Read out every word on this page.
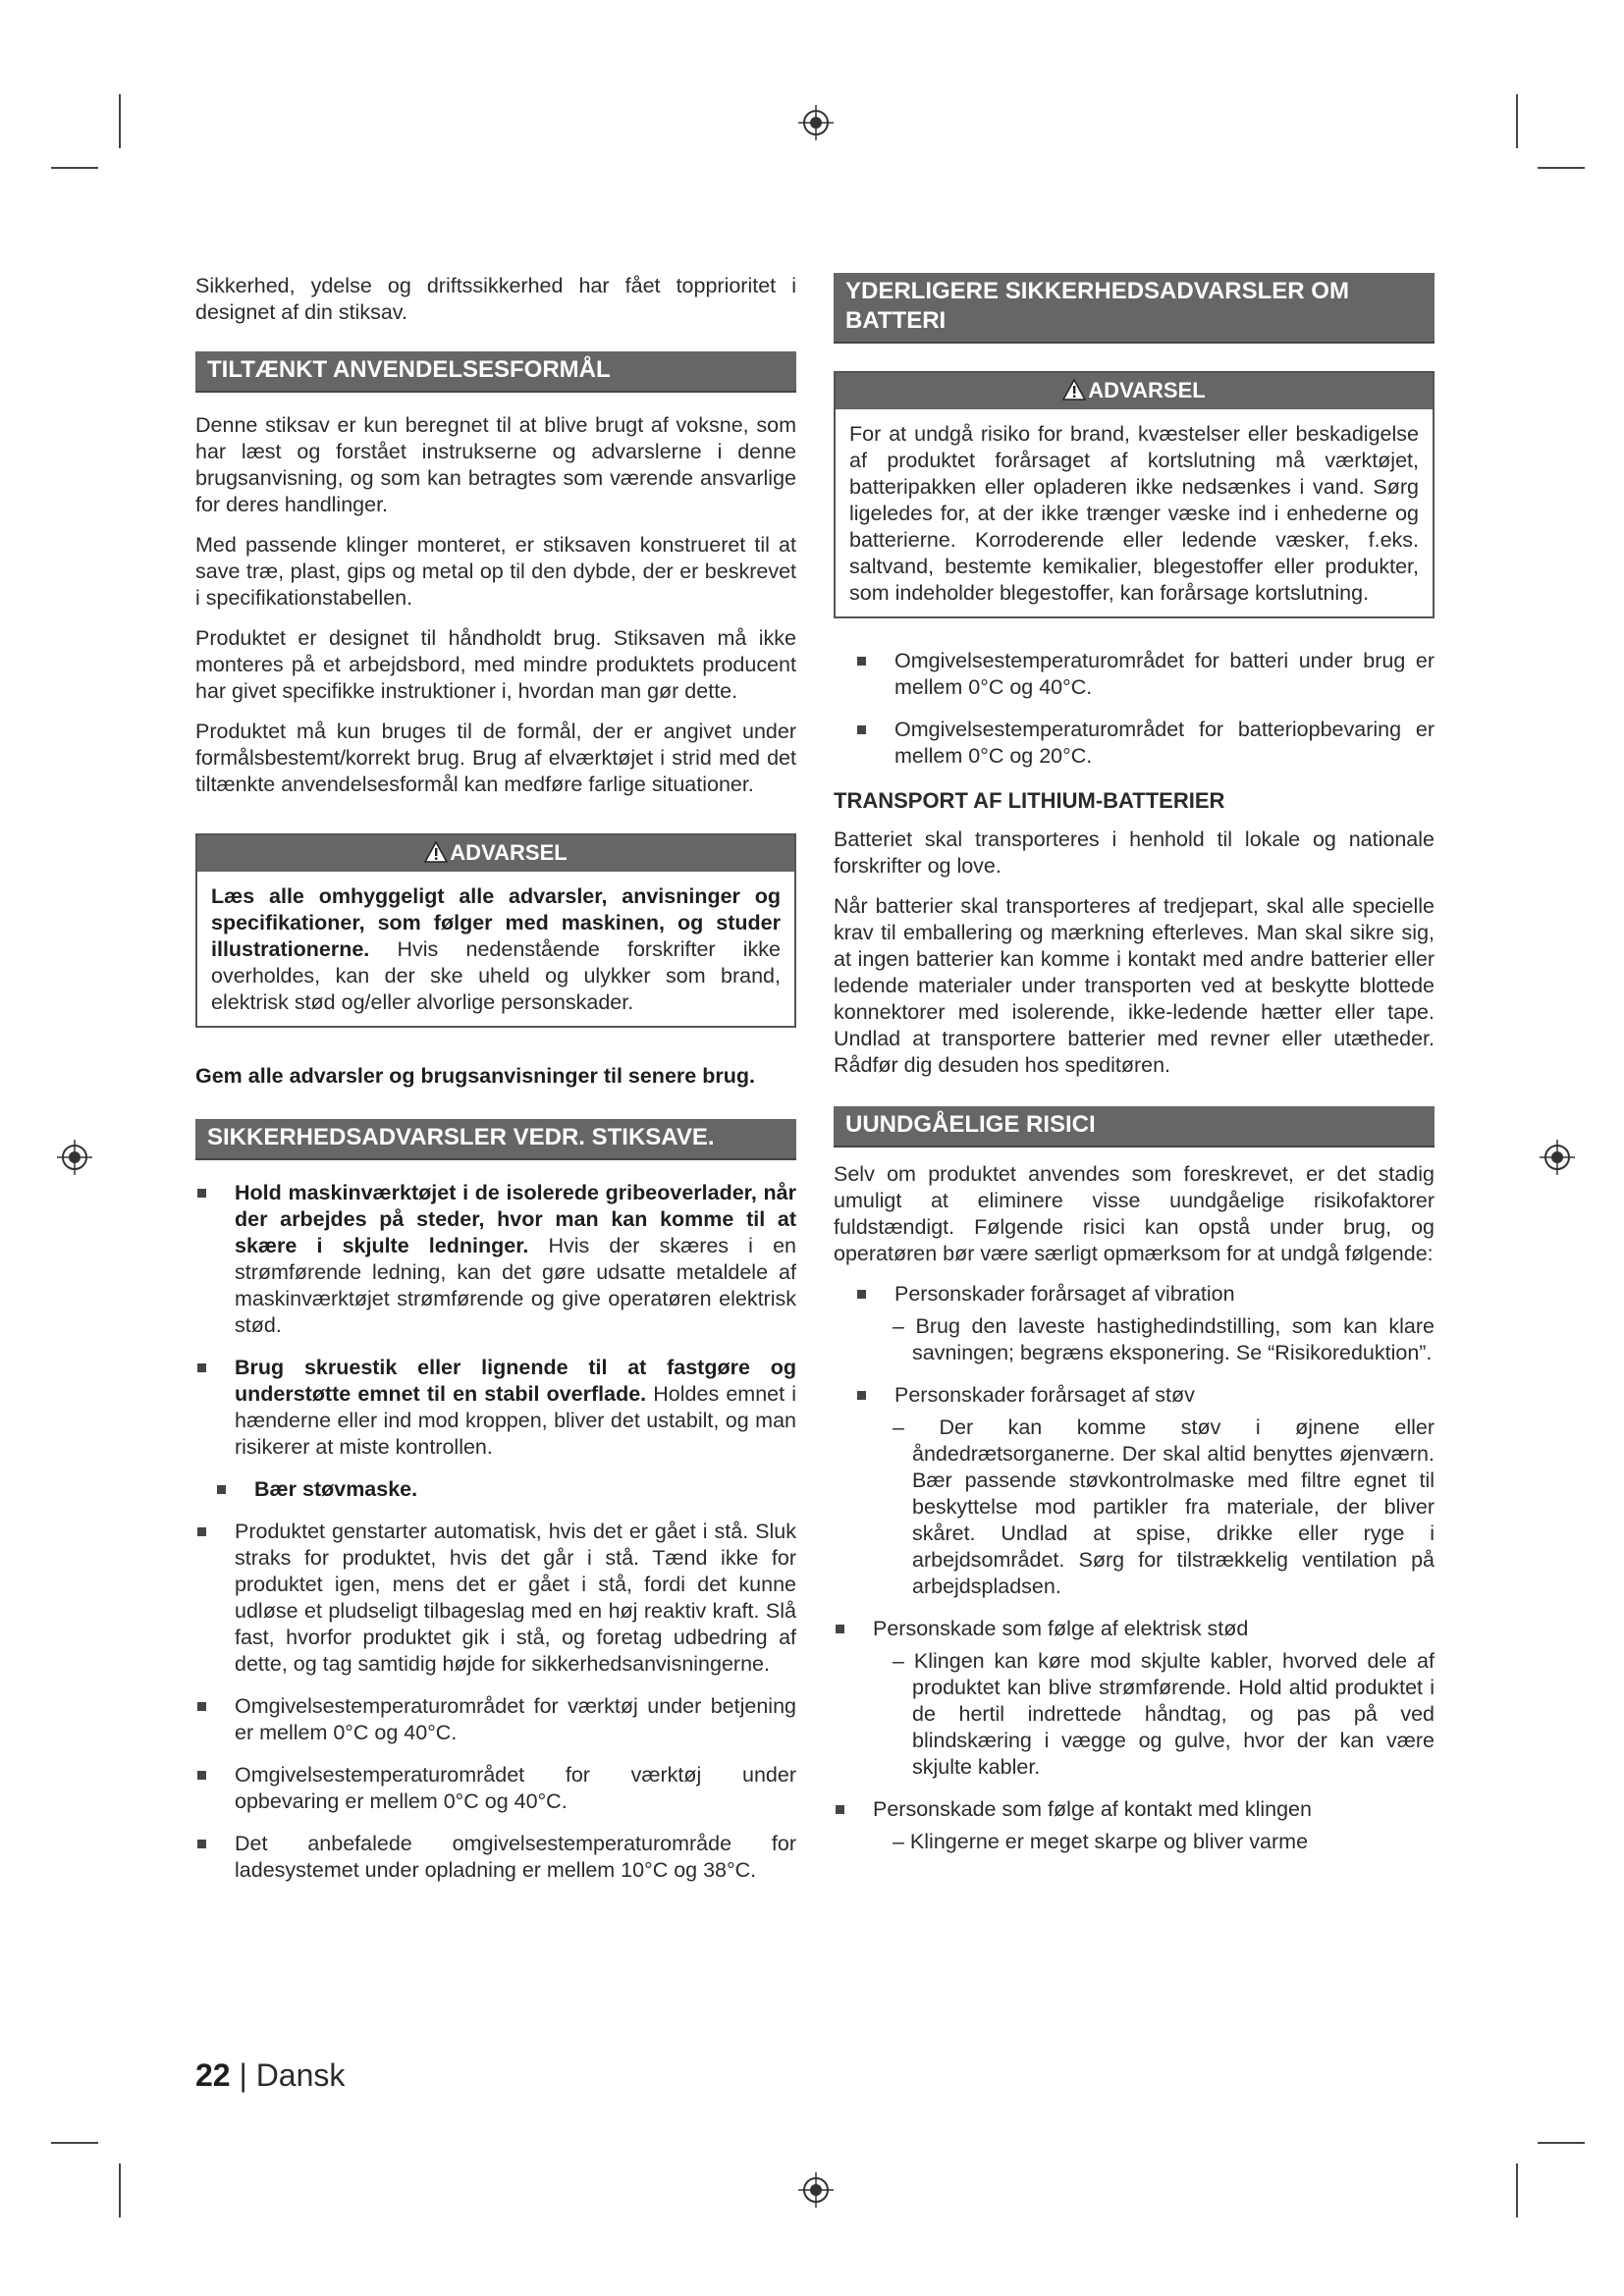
Sikkerhed, ydelse og driftssikkerhed har fået topprioritet i designet af din stiksav.

TILTÆNKT ANVENDELSESFORMÅL

Denne stiksav er kun beregnet til at blive brugt af voksne, som har læst og forstået instrukserne og advarslerne i denne brugsanvisning, og som kan betragtes som værende ansvarlige for deres handlinger.

Med passende klinger monteret, er stiksaven konstrueret til at save træ, plast, gips og metal op til den dybde, der er beskrevet i specifikationstabellen.

Produktet er designet til håndholdt brug. Stiksaven må ikke monteres på et arbejdsbord, med mindre produktets producent har givet specifikke instruktioner i, hvordan man gør dette.

Produktet må kun bruges til de formål, der er angivet under formålsbestemt/korrekt brug. Brug af elværktøjet i strid med det tiltænkte anvendelsesformål kan medføre farlige situationer.

ADVARSEL

Læs alle omhyggeligt alle advarsler, anvisninger og specifikationer, som følger med maskinen, og studer illustrationerne. Hvis nedenstående forskrifter ikke overholdes, kan der ske uheld og ulykker som brand, elektrisk stød og/eller alvorlige personskader.

Gem alle advarsler og brugsanvisninger til senere brug.

SIKKERHEDSADVARSLER VEDR. STIKSAVE.
Hold maskinværktøjet i de isolerede gribeoverlader, når der arbejdes på steder, hvor man kan komme til at skære i skjulte ledninger. Hvis der skæres i en strømførende ledning, kan det gøre udsatte metaldele af maskinværktøjet strømførende og give operatøren elektrisk stød.
Brug skruestik eller lignende til at fastgøre og understøtte emnet til en stabil overflade. Holdes emnet i hænderne eller ind mod kroppen, bliver det ustabilt, og man risikerer at miste kontrollen.
Bær støvmaske.
Produktet genstarter automatisk, hvis det er gået i stå. Sluk straks for produktet, hvis det går i stå. Tænd ikke for produktet igen, mens det er gået i stå, fordi det kunne udløse et pludseligt tilbageslag med en høj reaktiv kraft. Slå fast, hvorfor produktet gik i stå, og foretag udbedring af dette, og tag samtidig højde for sikkerhedsanvisningerne.
Omgivelsestemperaturområdet for værktøj under betjening er mellem 0°C og 40°C.
Omgivelsestemperaturområdet for værktøj under opbevaring er mellem 0°C og 40°C.
Det anbefalede omgivelsestemperaturområde for ladesystemet under opladning er mellem 10°C og 38°C.
YDERLIGERE SIKKERHEDSADVARSLER OM BATTERI
ADVARSEL

For at undgå risiko for brand, kvæstelser eller beskadigelse af produktet forårsaget af kortslutning må værktøjet, batteripakken eller opladeren ikke nedsænkes i vand. Sørg ligeledes for, at der ikke trænger væske ind i enhederne og batterierne. Korroderende eller ledende væsker, f.eks. saltvand, bestemte kemikalier, blegestoffer eller produkter, som indeholder blegestoffer, kan forårsage kortslutning.

Omgivelsestemperaturområdet for batteri under brug er mellem 0°C og 40°C.
Omgivelsestemperaturområdet for batteriopbevaring er mellem 0°C og 20°C.
TRANSPORT AF LITHIUM-BATTERIER

Batteriet skal transporteres i henhold til lokale og nationale forskrifter og love.

Når batterier skal transporteres af tredjepart, skal alle specielle krav til emballering og mærkning efterleves. Man skal sikre sig, at ingen batterier kan komme i kontakt med andre batterier eller ledende materialer under transporten ved at beskytte blottede konnektorer med isolerende, ikke-ledende hætter eller tape. Undlad at transportere batterier med revner eller utætheder. Rådfør dig desuden hos speditøren.

UUNDGÅELIGE RISICI

Selv om produktet anvendes som foreskrevet, er det stadig umuligt at eliminere visse uundgåelige risikofaktorer fuldstændigt. Følgende risici kan opstå under brug, og operatøren bør være særligt opmærksom for at undgå følgende:

Personskader forårsaget af vibration
– Brug den laveste hastighedindstilling, som kan klare savningen; begræns eksponering. Se “Risikoreduktion”.
Personskader forårsaget af støv
– Der kan komme støv i øjnene eller åndedrætsorganerne. Der skal altid benyttes øjenværn. Bær passende støvkontrolmaske med filtre egnet til beskyttelse mod partikler fra materiale, der bliver skåret. Undlad at spise, drikke eller ryge i arbejdsområdet. Sørg for tilstrækkelig ventilation på arbejdspladsen.
Personskade som følge af elektrisk stød
– Klingen kan køre mod skjulte kabler, hvorved dele af produktet kan blive strømførende. Hold altid produktet i de hertil indrettede håndtag, og pas på ved blindskæring i vægge og gulve, hvor der kan være skjulte kabler.
Personskade som følge af kontakt med klingen
– Klingerne er meget skarpe og bliver varme
22 | Dansk
